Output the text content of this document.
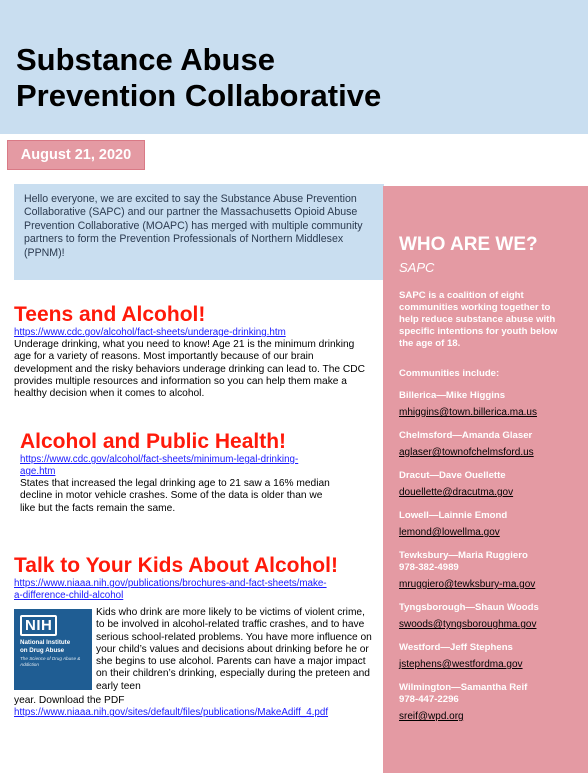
Substance Abuse
Prevention Collaborative
August 21, 2020
Hello everyone, we are excited to say the Substance Abuse Prevention Collaborative (SAPC) and our partner the Massachusetts Opioid Abuse Prevention Collaborative (MOAPC) has merged with multiple community partners to form the Prevention Professionals of Northern Middlesex (PPNM)!
Teens and Alcohol!
https://www.cdc.gov/alcohol/fact-sheets/underage-drinking.htm
Underage drinking, what you need to know! Age 21 is the minimum drinking age for a variety of reasons. Most importantly because of our brain development and the risky behaviors underage drinking can lead to. The CDC provides multiple resources and information so you can help them make a healthy decision when it comes to alcohol.
Alcohol and Public Health!
https://www.cdc.gov/alcohol/fact-sheets/minimum-legal-drinking-
age.htm
States that increased the legal drinking age to 21 saw a 16% median decline in motor vehicle crashes. Some of the data is older than we like but the facts remain the same.
Talk to Your Kids About Alcohol!
https://www.niaaa.nih.gov/publications/brochures-and-fact-sheets/make-
a-difference-child-alcohol
NIH
National Institute
on Drug Abuse
The Science of Drug Abuse & Addiction
Kids who drink are more likely to be victims of violent crime, to be involved in alcohol-related traffic crashes, and to have serious school-related problems. You have more influence on your child’s values and decisions about drinking before he or she begins to use alcohol. Parents can have a major impact on their children’s drinking, especially during the preteen and early teen
year. Download the PDF
https://www.niaaa.nih.gov/sites/default/files/publications/MakeAdiff_4.pdf
WHO ARE WE?
SAPC
SAPC is a coalition of eight communities working together to help reduce substance abuse with specific intentions for youth below the age of 18.
Communities include:
Billerica—Mike Higgins
mhiggins@town.billerica.ma.us
Chelmsford—Amanda Glaser
aglaser@townofchelmsford.us
Dracut—Dave Ouellette
douellette@dracutma.gov
Lowell—Lainnie Emond
lemond@lowellma.gov
Tewksbury—Maria Ruggiero
978-382-4989
mruggiero@tewksbury-ma.gov
Tyngsborough—Shaun Woods
swoods@tyngsboroughma.gov
Westford—Jeff Stephens
jstephens@westfordma.gov
Wilmington—Samantha Reif
978-447-2296
sreif@wpd.org
